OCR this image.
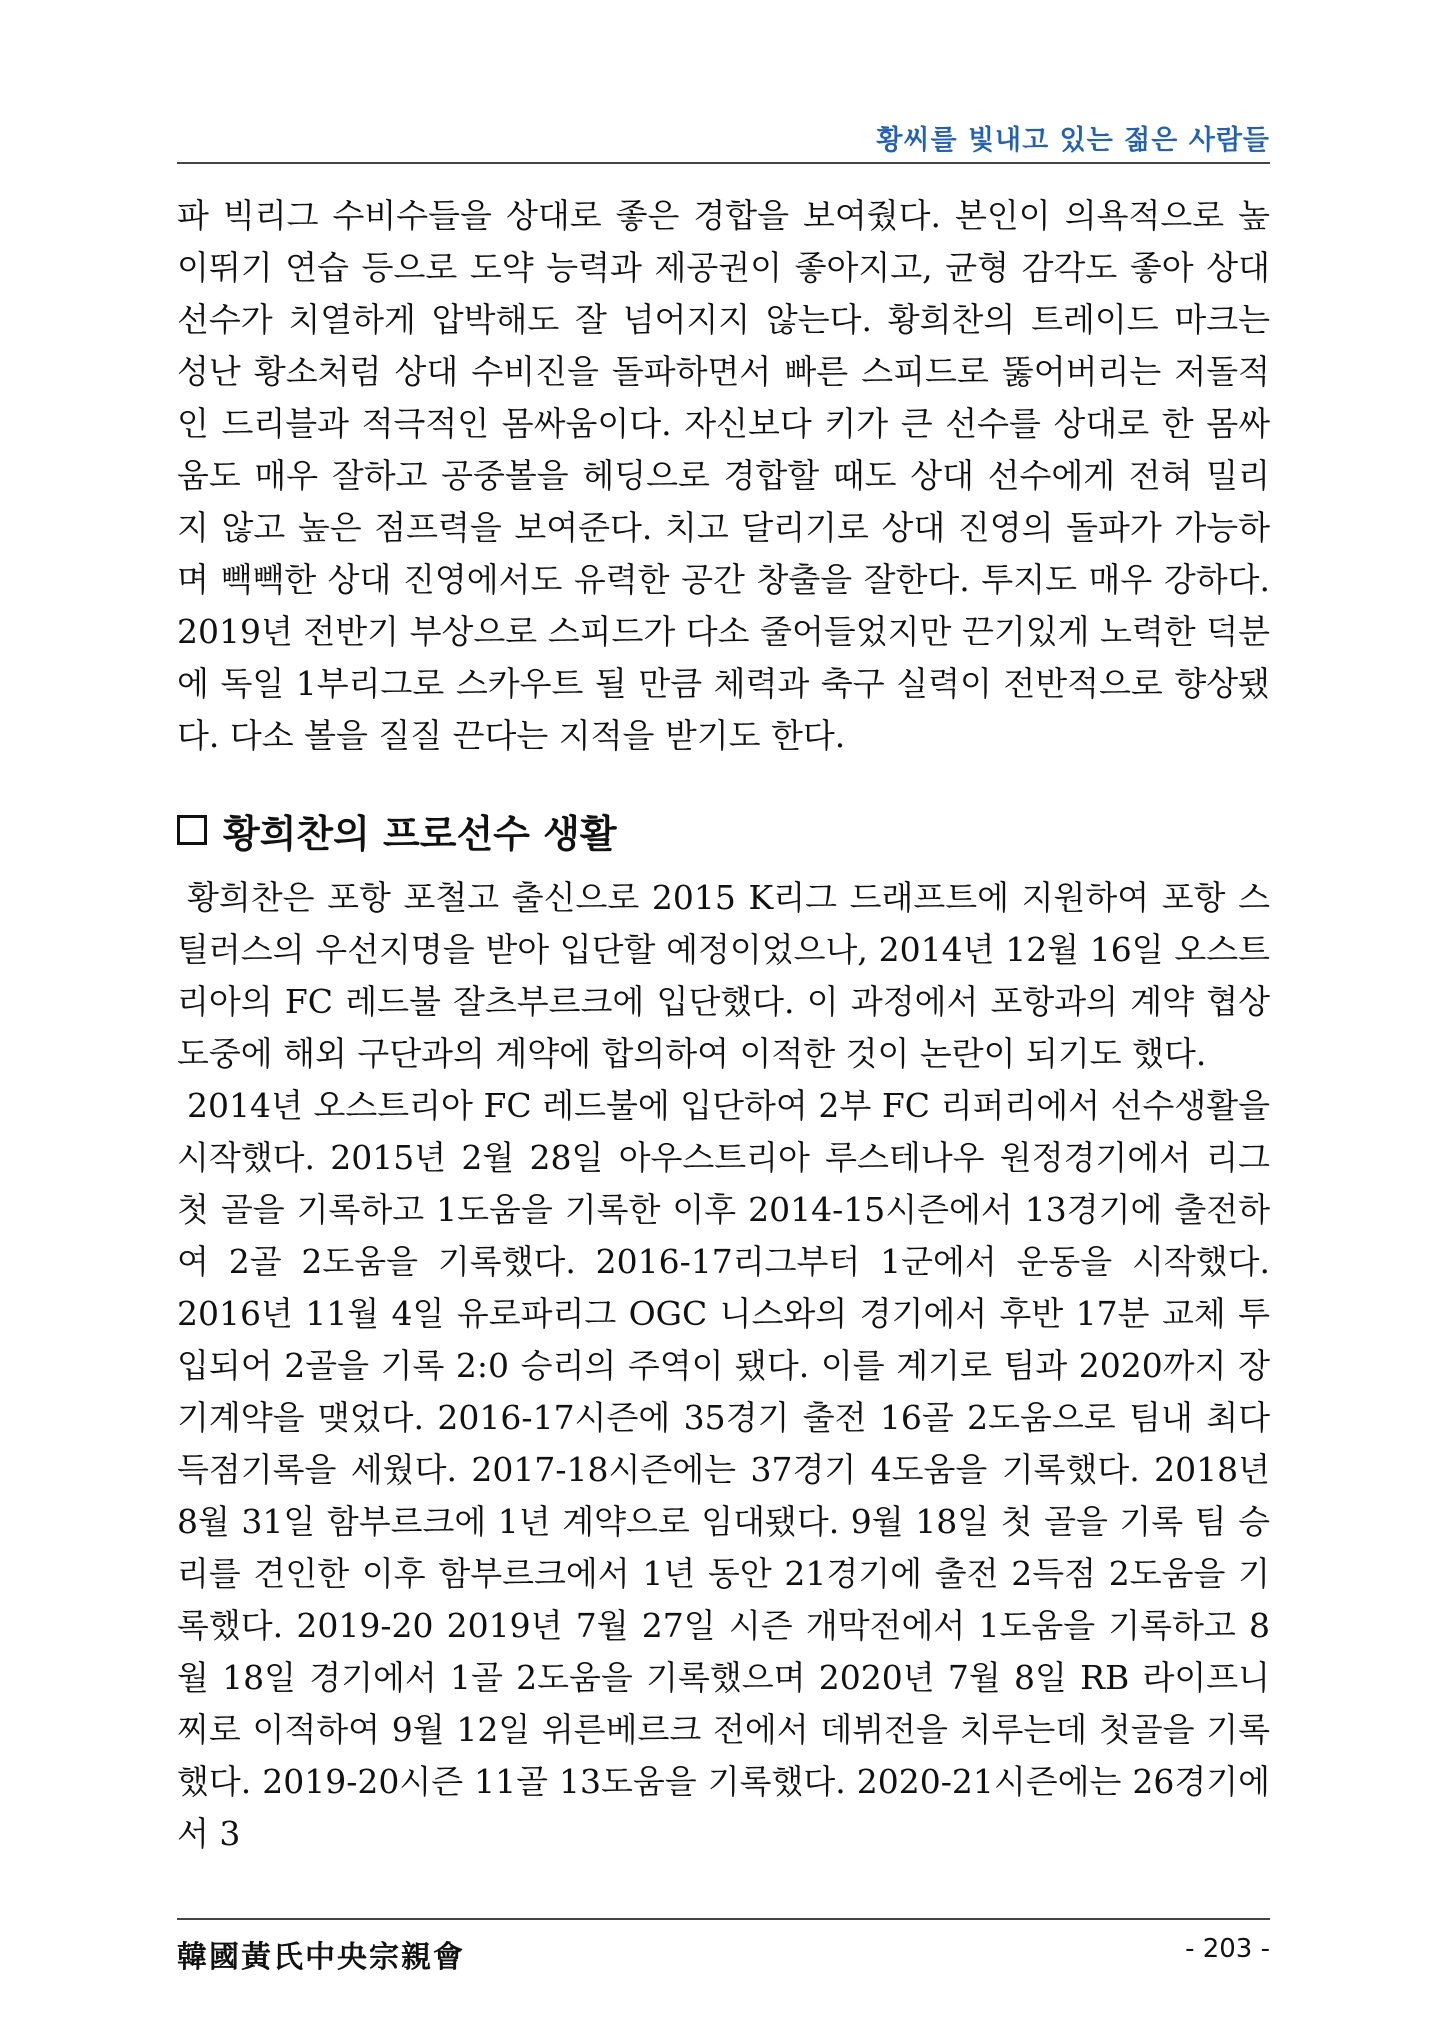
황씨를 빛내고 있는 젊은 사람들

파 빅리그 수비수들을 상대로 좋은 경합을 보여줬다. 본인이 의욕적으로 높이뛰기 연습 등으로 도약 능력과 제공권이 좋아지고, 균형 감각도 좋아 상대 선수가 치열하게 압박해도 잘 넘어지지 않는다. 황희찬의 트레이드 마크는 성난 황소처럼 상대 수비진을 돌파하면서 빠른 스피드로 뚫어버리는 저돌적인 드리블과 적극적인 몸싸움이다. 자신보다 키가 큰 선수를 상대로 한 몸싸움도 매우 잘하고 공중볼을 헤딩으로 경합할 때도 상대 선수에게 전혀 밀리지 않고 높은 점프력을 보여준다. 치고 달리기로 상대 진영의 돌파가 가능하며 빽빽한 상대 진영에서도 유력한 공간 창출을 잘한다. 투지도 매우 강하다. 2019년 전반기 부상으로 스피드가 다소 줄어들었지만 끈기있게 노력한 덕분에 독일 1부리그로 스카우트 될 만큼 체력과 축구 실력이 전반적으로 향상됐다. 다소 볼을 질질 끈다는 지적을 받기도 한다.

황희찬의 프로선수 생활

황희찬은 포항 포철고 출신으로 2015 K리그 드래프트에 지원하여 포항 스틸러스의 우선지명을 받아 입단할 예정이었으나, 2014년 12월 16일 오스트리아의 FC 레드불 잘츠부르크에 입단했다. 이 과정에서 포항과의 계약 협상 도중에 해외 구단과의 계약에 합의하여 이적한 것이 논란이 되기도 했다.

2014년 오스트리아 FC 레드불에 입단하여 2부 FC 리퍼리에서 선수생활을 시작했다. 2015년 2월 28일 아우스트리아 루스테나우 원정경기에서 리그 첫 골을 기록하고 1도움을 기록한 이후 2014-15시즌에서 13경기에 출전하여 2골 2도움을 기록했다. 2016-17리그부터 1군에서 운동을 시작했다. 2016년 11월 4일 유로파리그 OGC 니스와의 경기에서 후반 17분 교체 투입되어 2골을 기록 2:0 승리의 주역이 됐다. 이를 계기로 팀과 2020까지 장기계약을 맺었다. 2016-17시즌에 35경기 출전 16골 2도움으로 팀내 최다 득점기록을 세웠다. 2017-18시즌에는 37경기 4도움을 기록했다. 2018년 8월 31일 함부르크에 1년 계약으로 임대됐다. 9월 18일 첫 골을 기록 팀 승리를 견인한 이후 함부르크에서 1년 동안 21경기에 출전 2득점 2도움을 기록했다. 2019-20 2019년 7월 27일 시즌 개막전에서 1도움을 기록하고 8월 18일 경기에서 1골 2도움을 기록했으며 2020년 7월 8일 RB 라이프니찌로 이적하여 9월 12일 위른베르크 전에서 데뷔전을 치루는데 첫골을 기록했다. 2019-20시즌 11골 13도움을 기록했다. 2020-21시즌에는 26경기에서 3

韓國黃氏中央宗親會	- 203 -
